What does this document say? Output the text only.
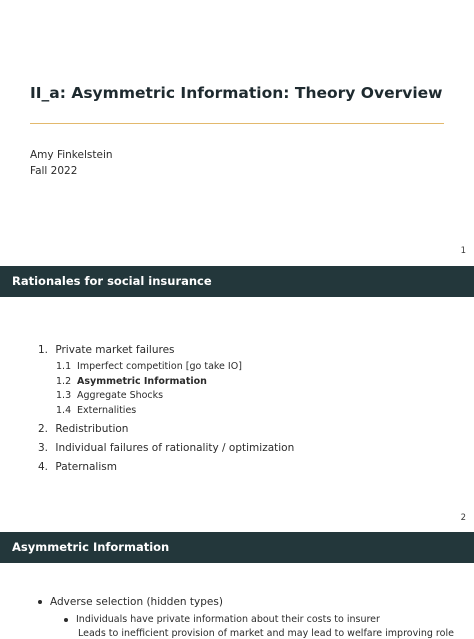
II_a: Asymmetric Information: Theory Overview
Amy Finkelstein
Fall 2022
1
Rationales for social insurance
1. Private market failures
1.1 Imperfect competition [go take IO]
1.2 Asymmetric Information
1.3 Aggregate Shocks
1.4 Externalities
2. Redistribution
3. Individual failures of rationality / optimization
4. Paternalism
2
Asymmetric Information
Adverse selection (hidden types)
Individuals have private information about their costs to insurer
Leads to inefficient provision of market and may lead to welfare improving role
